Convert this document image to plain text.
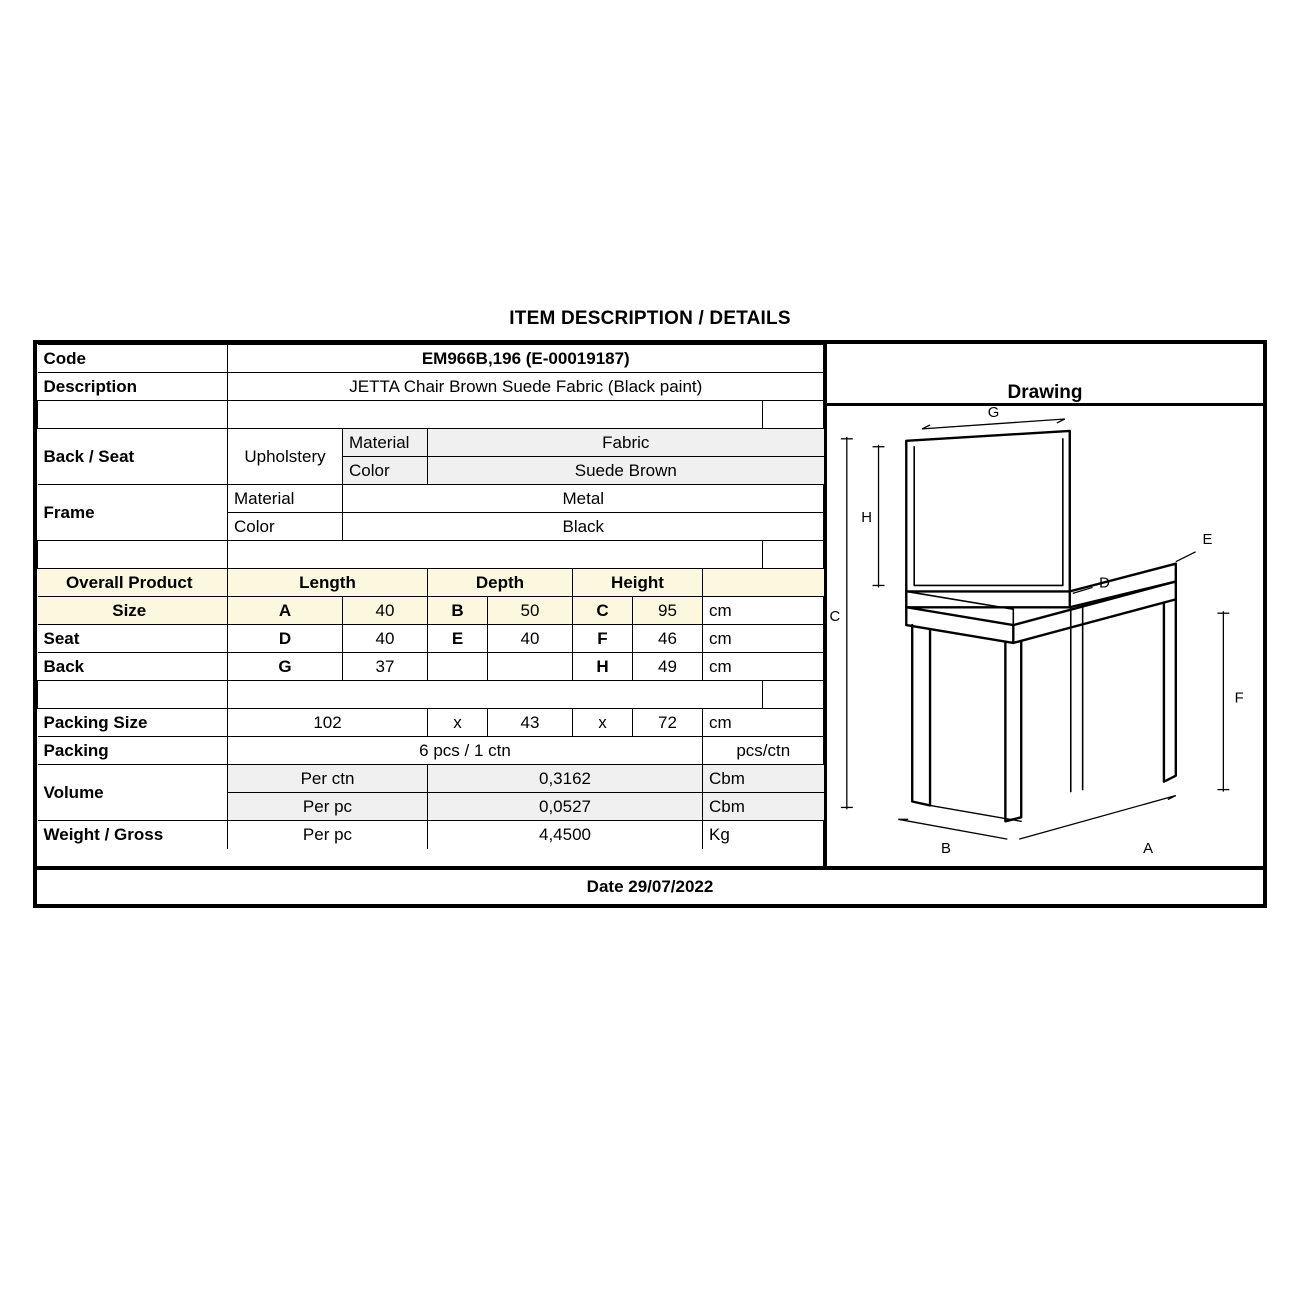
ITEM DESCRIPTION / DETAILS
Code	EM966B,196 (E-00019187)							
Description	JETTA Chair Brown Suede Fabric (Black paint)							

Back / Seat	Upholstery	Material	Fabric					
		Color	Suede Brown					
Frame	Material	Metal						
	Color	Black						

Overall Product	Length		Depth		Height			
Size	A	40	B	50	C	95	cm	
Seat	D	40	E	40	F	46	cm	
Back	G	37			H	49	cm	

Packing Size	102		x	43	x	72	cm	
Packing	6 pcs / 1 ctn						pcs/ctn	
Volume	Per ctn		0,3162				Cbm	
	Per pc		0,0527				Cbm	
Weight / Gross	Per pc		4,4500				Kg	
Drawing
G
H
C
E
D
F
B	A
Date 29/07/2022
